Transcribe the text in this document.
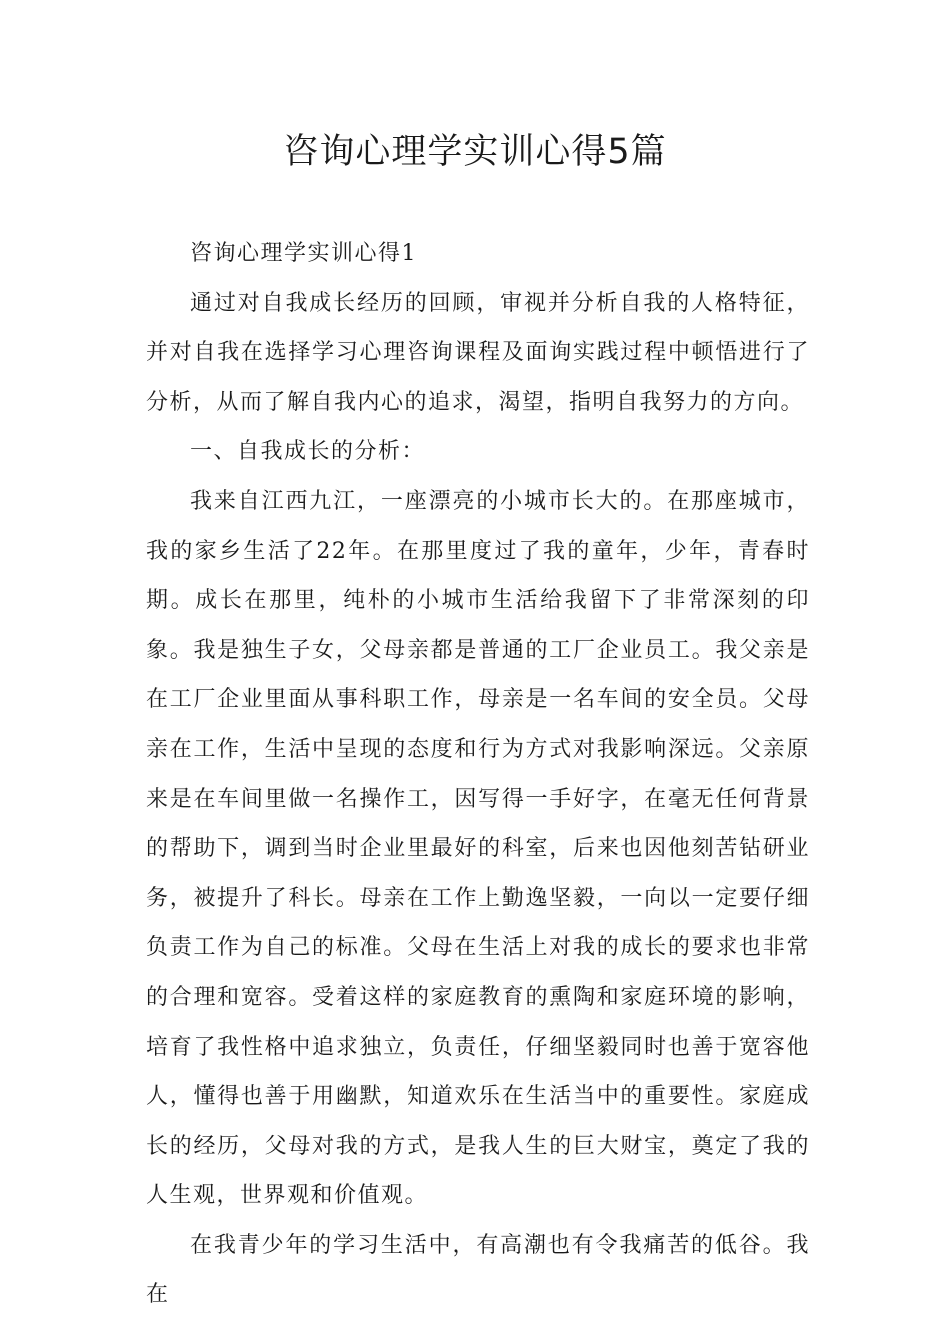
咨询心理学实训心得5篇

咨询心理学实训心得1

通过对自我成长经历的回顾，审视并分析自我的人格特征，并对自我在选择学习心理咨询课程及面询实践过程中顿悟进行了分析，从而了解自我内心的追求，渴望，指明自我努力的方向。

一、自我成长的分析：

我来自江西九江，一座漂亮的小城市长大的。在那座城市，我的家乡生活了22年。在那里度过了我的童年，少年，青春时期。成长在那里，纯朴的小城市生活给我留下了非常深刻的印象。我是独生子女，父母亲都是普通的工厂企业员工。我父亲是在工厂企业里面从事科职工作，母亲是一名车间的安全员。父母亲在工作，生活中呈现的态度和行为方式对我影响深远。父亲原来是在车间里做一名操作工，因写得一手好字，在毫无任何背景的帮助下，调到当时企业里最好的科室，后来也因他刻苦钻研业务，被提升了科长。母亲在工作上勤逸坚毅，一向以一定要仔细负责工作为自己的标准。父母在生活上对我的成长的要求也非常的合理和宽容。受着这样的家庭教育的熏陶和家庭环境的影响，培育了我性格中追求独立，负责任，仔细坚毅同时也善于宽容他人，懂得也善于用幽默，知道欢乐在生活当中的重要性。家庭成长的经历，父母对我的方式，是我人生的巨大财宝，奠定了我的人生观，世界观和价值观。

在我青少年的学习生活中，有高潮也有令我痛苦的低谷。我在
